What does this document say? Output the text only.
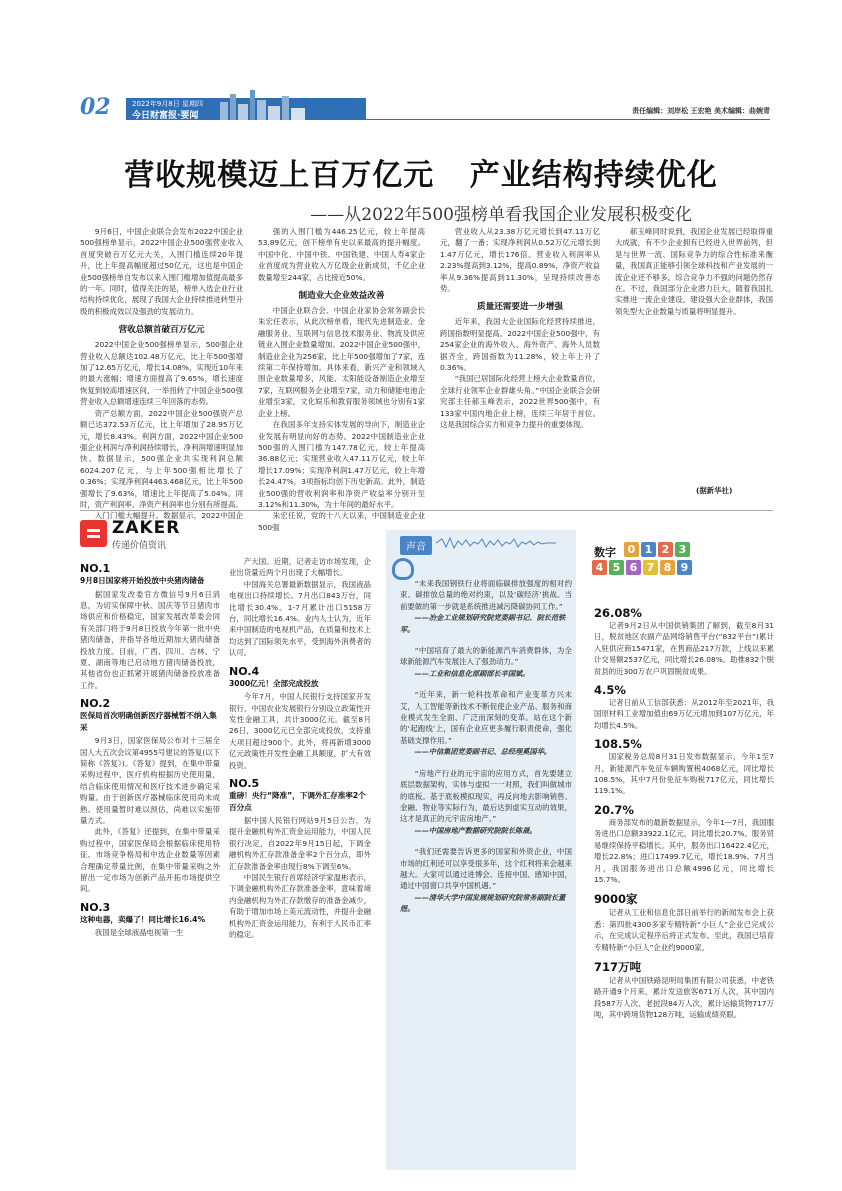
02	2022年9月8日 星期四
今日财富报·要闻	责任编辑：刘岸松 王宏艳 美术编辑：曲婉青
营收规模迈上百万亿元 产业结构持续优化
——从2022年500强榜单看我国企业发展积极变化

9月6日，中国企业联合会发布2022中国企业500强榜单显示，2022中国企业500强营业收入首度突破百万亿元大关，入围门槛连续20年提升，比上年提高幅度超过50亿元，这也是中国企业500强榜单自发布以来入围门槛增加值提高最多的一年。同时，值得关注的是，榜单入选企业行业结构持续优化，展现了我国大企业持续推进转型升级的积极成效以及强劲的发展动力。

营收总额首破百万亿元

2022中国企业500强榜单显示，500强企业营业收入总额达102.48万亿元，比上年500强增加了12.65万亿元，增长14.08%，实现近10年来的最大涨幅；增速方面提高了9.65%，增长速度恢复到较高增速区间，一举扭转了中国企业500强营业收入总额增速连续三年回落的态势。

资产总额方面，2022中国企业500强资产总额已达372.53万亿元，比上年增加了28.95万亿元，增长8.43%。利润方面，2022中国企业500强企业利润与净利润持续增长，净利润增速明显加快。数据显示，500强企业共实现利润总额6024.207亿元，与上年500强相比增长了0.36%；实现净利润4463.468亿元，比上年500强增长了9.63%，增速比上年提高了5.04%。同时，资产利润率、净资产利润率也分别有所提高。

入门门槛大幅提升。数据显示，2022中国企

强的入围门槛为446.25亿元，较上年提高53.89亿元，创下榜单有史以来最高的提升幅度。中国中化、中国中铁、中国铁建、中国人寿4家企业首度成为营业收入万亿级企业新成员，千亿企业数量增至244家，占比接近50%。

制造业大企业效益改善

中国企业联合会、中国企业家协会常务副会长朱宏任表示，从此次榜单看，现代先进制造业、金融服务业、互联网与信息技术服务业、物流及供应链业入围企业数量增加。2022中国企业500强中，制造业企业为256家，比上年500强增加了7家，连续第二年保持增加。具体来看，新兴产业和领域入围企业数量增多，风能、太阳能设备制造企业增至7家，互联网服务企业增至7家，动力和储能电池企业增至3家，文化娱乐和教育服务领域也分别有1家企业上榜。

在我国多年支持实体发展的导向下，制造业企业发展有明显向好的态势。2022中国制造业企业500强的入围门槛为147.78亿元，较上年提高36.88亿元；实现营业收入47.11万亿元，较上年增长17.09%；实现净利润1.47万亿元，较上年增长24.47%，3项指标均创下历史新高。此外，制造业500强的营收利润率和净资产收益率分别升至3.12%和11.30%，为十年间的最好水平。

朱宏任说，党的十八大以来，中国制造业企业500强

营业收入从23.38万亿元增长到47.11万亿元，翻了一番；实现净利润从0.52万亿元增长到1.47万亿元，增长176倍。营业收入利润率从2.23%提高到3.12%，提高0.89%，净资产收益率从9.36%提高到11.30%，呈现持续改善态势。

质量还需要进一步增强

近年来，我国大企业国际化经营持续推进，跨国指数明显提高。2022中国企业500强中，有254家企业的海外收入、海外资产、海外人员数据齐全，跨国指数为11.28%，较上年上升了0.36%。

“我国已居国际化经营上榜大企业数量首位，全球行业领军企业群雄头角。”中国企业联合会研究部主任郝玉峰表示，2022世界500强中，有133家中国内地企业上榜，连续三年居于首位。这是我国综合实力和竞争力提升的重要体现。

郝玉峰同时说到，我国企业发展已经取得重大成就，有不少企业拥有已经进入世界前列，但是与世界一流、国际竞争力的综合性标准来衡量，我国真正能够引领全球科技和产业发展的一流企业还不够多，综合竞争力不强的问题仍然存在。不过，我国部分企业潜力巨大，随着我国扎实推进一流企业建设，建设强大企业群体，我国领先型大企业数量与质量将明显提升。

(据新华社)
ZAKER
传递价值资讯
NO.1
9月8日国家将开始投放中央猪肉储备

据国家发改委官方微信号9月6日消息，为切实保障中秋、国庆等节日猪肉市场供应和价格稳定，国家发展改革委会同有关部门将于9月8日投放今年第一批中央猪肉储备，并指导各地近期加大猪肉储备投放力度。目前，广西、四川、吉林、宁夏、湖南等地已启动地方猪肉储备投放，其他省份也正抓紧开展猪肉储备投放准备工作。

NO.2
医保局首次明确创新医疗器械暂不纳入集采

9月3日，国家医保局公布对十三届全国人大五次会议第4955号建议的答复(以下简称《答复》)。《答复》提到，在集中带量采购过程中，医疗机构根据历史使用量，结合临床使用情况和医疗技术进步确定采购量。由于创新医疗器械临床使用尚未成熟、使用量暂时难以预估，尚难以实施带量方式。

此外，《答复》还提到，在集中带量采购过程中，国家医保局会根据临床使用特征、市场竞争格局和中选企业数量等因素合理确定带量比例，在集中带量采购之外留出一定市场为创新产品开拓市场提供空间。

NO.3
这种电器，卖爆了！同比增长16.4%

我国是全球液晶电视第一生

产大国。近期，记者走访市场发现，企业出货量近两个月出现了大幅增长。

中国海关总署最新数据显示，我国液晶电视出口持续增长。7月出口843万台，同比增长30.4%。1-7月累计出口5158万台，同比增长16.4%。业内人士认为，近年来中国制造的电视机产品，在质量和技术上均达到了国际领先水平，受到海外消费者的认可。

NO.4
3000亿元！全部完成投放

今年7月，中国人民银行支持国家开发银行、中国农业发展银行分别设立政策性开发性金融工具，共计3000亿元。截至8月26日，3000亿元已全部完成投放，支持重大项目超过900个。此外，将再新增3000亿元政策性开发性金融工具额度，扩大有效投资。

NO.5
重磅！央行“降准”，下调外汇存准率2个百分点

据中国人民银行网站9月5日公告，为提升金融机构外汇资金运用能力，中国人民银行决定，自2022年9月15日起，下调金融机构外汇存款准备金率2个百分点，即外汇存款准备金率由现行8%下调至6%。

中国民生银行首席经济学家温彬表示，下调金融机构外汇存款准备金率，意味着境内金融机构为外汇存款缴存的准备金减少，有助于增加市场上美元流动性，并提升金融机构外汇资金运用能力，有利于人民币汇率的稳定。

声音
“未来我国钢铁行业将面临碳排放强度的相对约束、碳排放总量的绝对约束，以及‘碳经济’挑战。当前要做的第一步就是系统推进减污降碳协同工作。”
——冶金工业规划研究院党委副书记、院长范铁军。
“中国培育了最大的新能源汽车消费群体，为全球新能源汽车发展注入了强劲动力。”
——工业和信息化部副部长辛国斌。
“近年来，新一轮科技革命和产业变革方兴未艾，人工智能等新技术不断促使企业产品、服务和商业模式发生全面、广泛而深刻的变革。站在这个新的‘起跑线’上，国有企业应更多履行职责使命，强化基础支撑作用。”
——中信集团党委副书记、总经理奚国华。
“房地产行业的元宇宙的应用方式，首先要建立底层数据架构，实体与虚拟一一对照，我们叫做城市的底板。基于底板模拟现实，再反向地去影响销售、金融、物业等实际行为，最后达到虚实互动的效果，这才是真正的元宇宙房地产。”
——中国房地产数据研究院院长陈晟。
“我们还需要告诉更多的国家和外资企业，中国市场的红利还可以享受很多年，这个红利将来会越来越大。大家可以通过进博会、连接中国、感知中国，通过中国窗口共享中国机遇。”
——清华大学中国发展规划研究院常务副院长董煜。
数字	0 1 2 3
4 5 6 7 8 9
26.08%

记者9月2日从中国供销集团了解到，截至8月31日，脱贫地区农副产品网络销售平台(“832平台”)累计入驻供应商15471家，在售商品217万款，上线以来累计交易额2537亿元，同比增长26.08%。助推832个脱贫县的近300万农户巩固脱贫成果。

4.5%

记者日前从工信部获悉：从2012年至2021年，我国原材料工业增加值由69万亿元增加到107万亿元，年均增长4.5%。

108.5%

国家税务总局8月31日发布数据显示，今年1至7月，新能源汽车免征车辆购置税4068亿元，同比增长108.5%，其中7月份免征车购税717亿元，同比增长119.1%。

20.7%

商务部发布的最新数据显示，今年1—7月，我国服务进出口总额33922.1亿元，同比增长20.7%。服务贸易继续保持平稳增长。其中，服务出口16422.4亿元，增长22.8%；进口17499.7亿元，增长18.9%。7月当月，我国服务进出口总额4996亿元，同比增长15.7%。

9000家

记者从工业和信息化部日前举行的新闻发布会上获悉：第四批4300多家专精特新“小巨人”企业已完成公示，在完成认定程序后将正式发布。至此，我国已培育专精特新“小巨人”企业约9000家。

717万吨

记者从中国铁路昆明局集团有限公司获悉，中老铁路开通9个月来，累计发送旅客671万人次，其中国内段587万人次、老挝段84万人次，累计运输货物717万吨，其中跨境货物128万吨，运输成绩亮眼。
